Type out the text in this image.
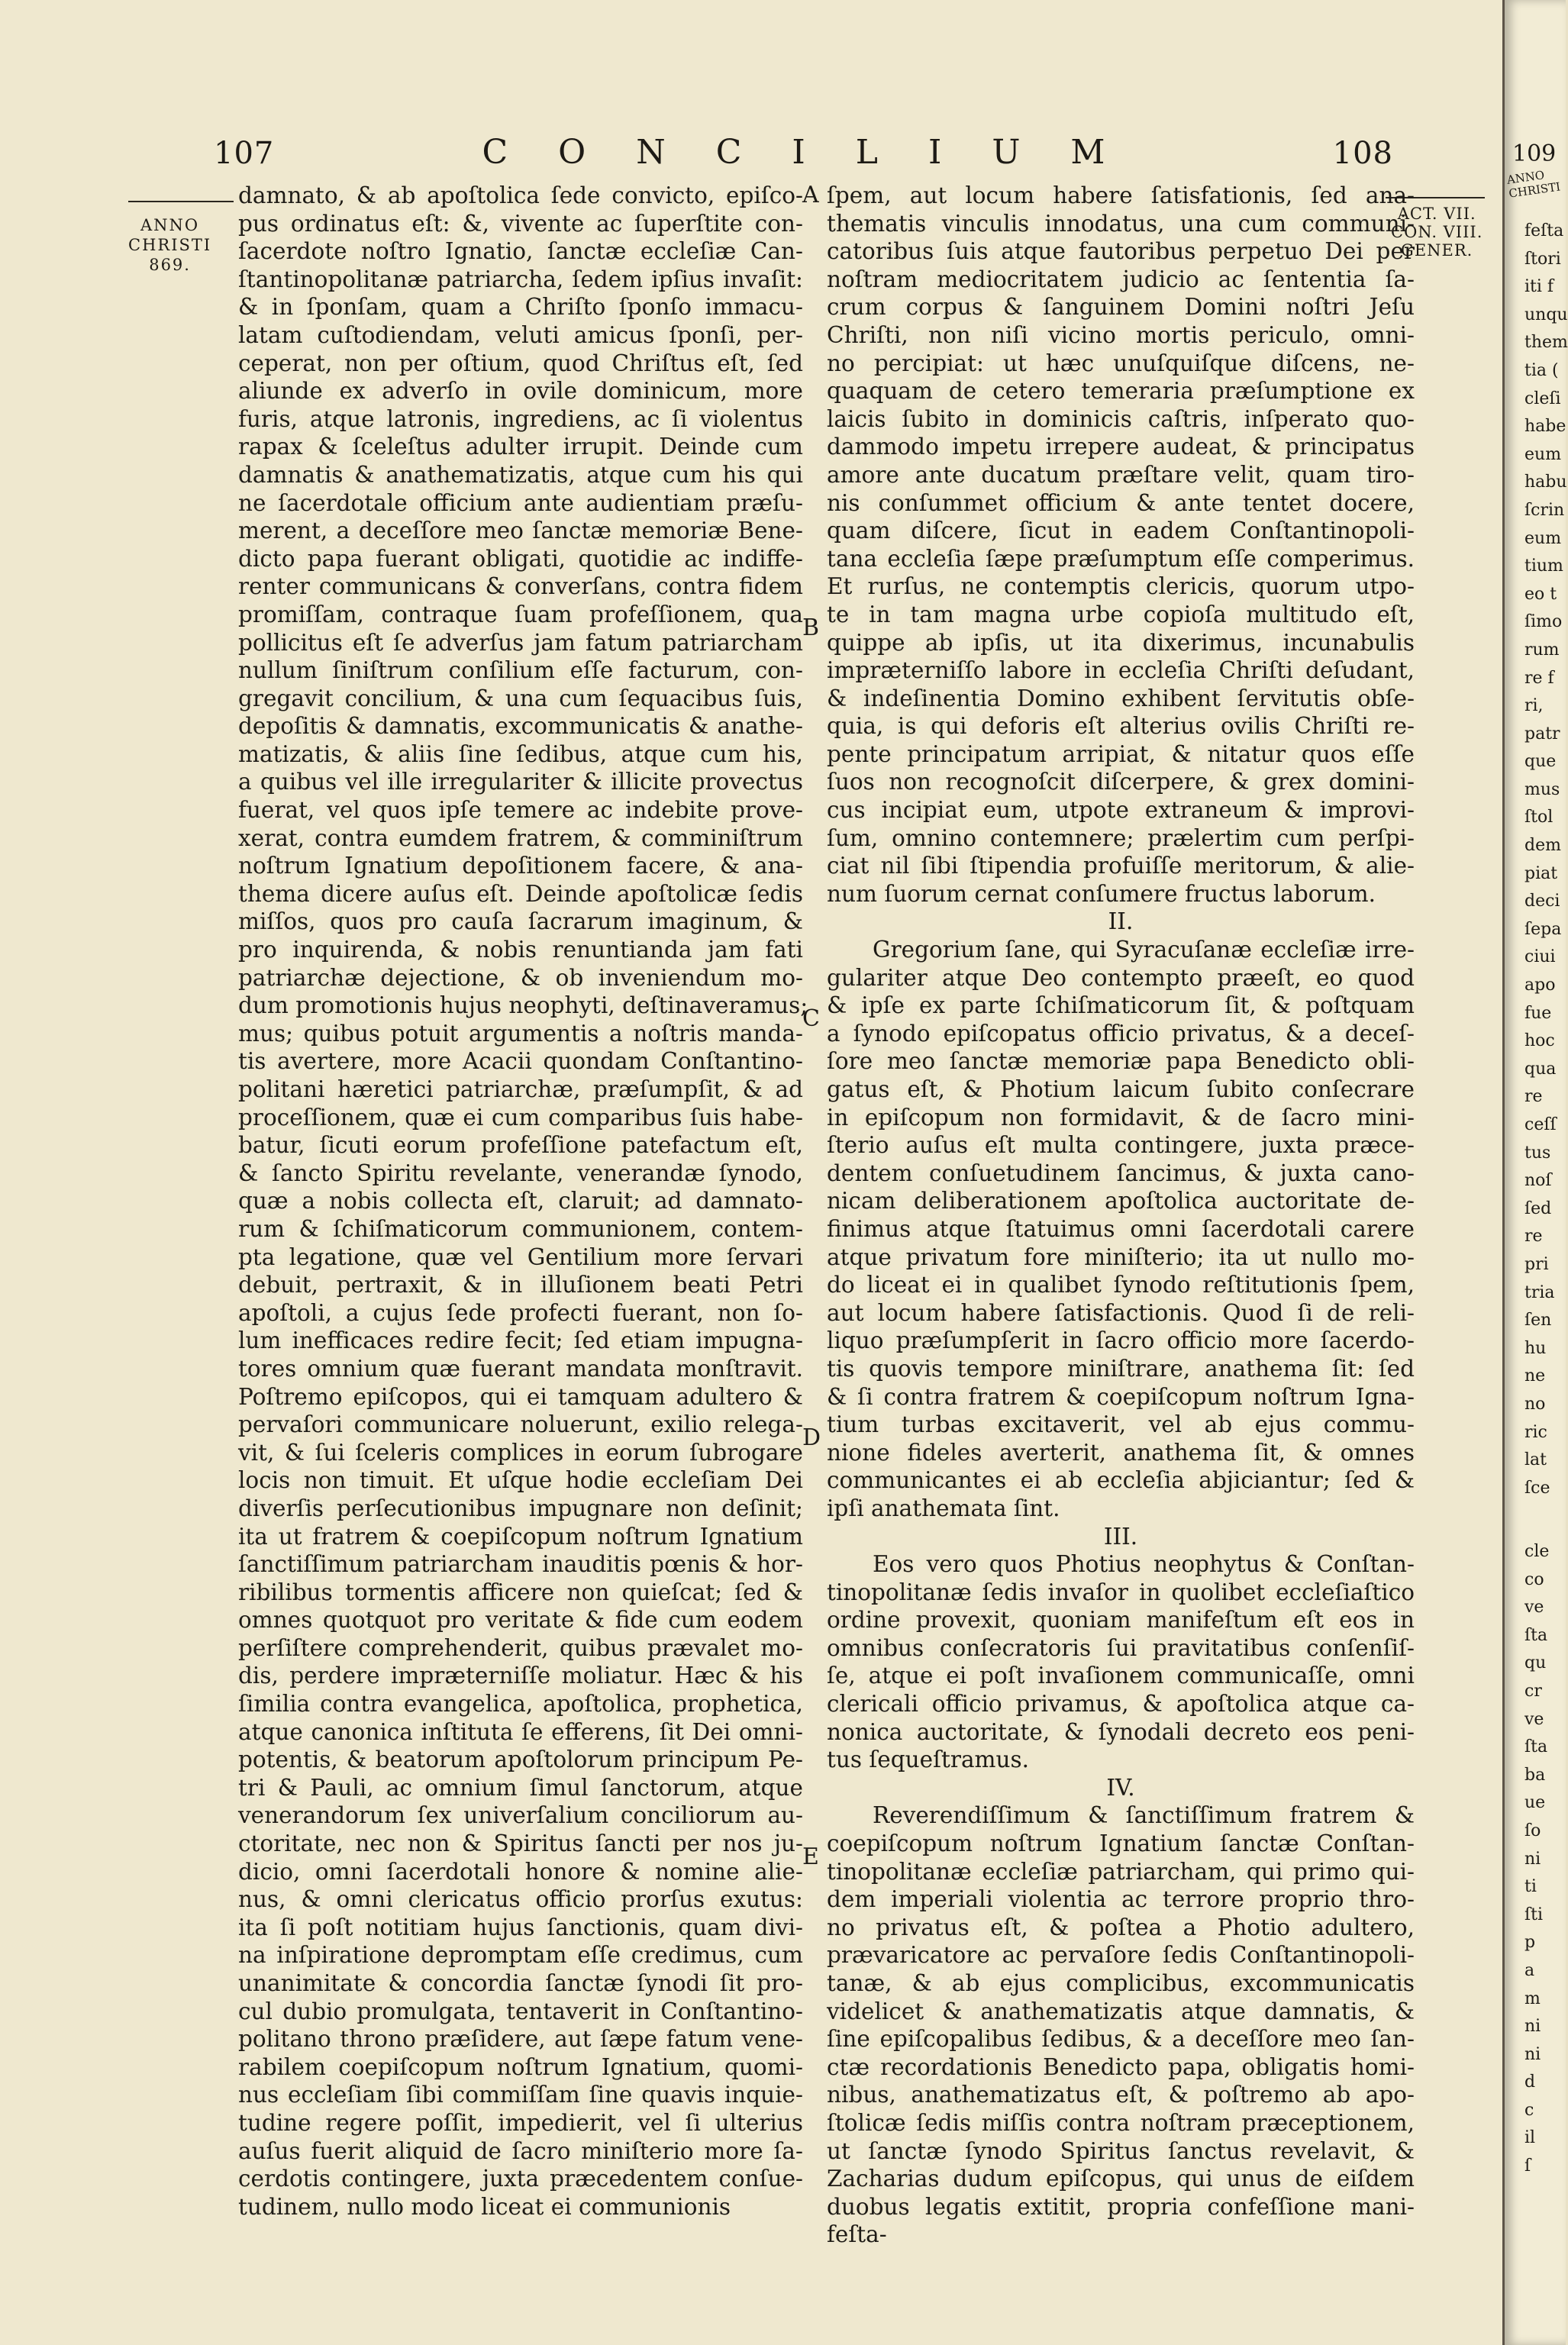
107	C O N C I L I U M	108
ANNO
CHRISTI
869.
ACT. VII.
CON. VIII.
GENER.
A
B
C
D
E
damnato, & ab apoſtolica ſede convicto, epiſco-
pus ordinatus eſt: &, vivente ac ſuperſtite con-
ſacerdote noſtro Ignatio, ſanctæ eccleſiæ Can-
ſtantinopolitanæ patriarcha, ſedem ipſius invaſit:
& in ſponſam, quam a Chriſto ſponſo immacu-
latam cuſtodiendam, veluti amicus ſponſi, per-
ceperat, non per oſtium, quod Chriſtus eſt, ſed
aliunde ex adverſo in ovile dominicum, more
furis, atque latronis, ingrediens, ac ſi violentus
rapax & ſceleſtus adulter irrupit. Deinde cum
damnatis & anathematizatis, atque cum his qui
ne ſacerdotale officium ante audientiam præſu-
merent, a deceſſore meo ſanctæ memoriæ Bene-
dicto papa fuerant obligati, quotidie ac indiffe-
renter communicans & converſans, contra fidem
promiſſam, contraque ſuam profeſſionem, qua
pollicitus eſt ſe adverſus jam fatum patriarcham
nullum ſiniſtrum conſilium eſſe facturum, con-
gregavit concilium, & una cum ſequacibus ſuis,
depoſitis & damnatis, excommunicatis & anathe-
matizatis, & aliis ſine ſedibus, atque cum his,
a quibus vel ille irregulariter & illicite provectus
fuerat, vel quos ipſe temere ac indebite prove-
xerat, contra eumdem fratrem, & comminiſtrum
noſtrum Ignatium depoſitionem facere, & ana-
thema dicere auſus eſt. Deinde apoſtolicæ ſedis
miſſos, quos pro cauſa ſacrarum imaginum, &
pro inquirenda, & nobis renuntianda jam fati
patriarchæ dejectione, & ob inveniendum mo-
dum promotionis hujus neophyti, deſtinaveramus;
mus; quibus potuit argumentis a noſtris manda-
tis avertere, more Acacii quondam Conſtantino-
politani hæretici patriarchæ, præſumpſit, & ad
proceſſionem, quæ ei cum comparibus ſuis habe-
batur, ſicuti eorum profeſſione patefactum eſt,
& ſancto Spiritu revelante, venerandæ ſynodo,
quæ a nobis collecta eſt, claruit; ad damnato-
rum & ſchiſmaticorum communionem, contem-
pta legatione, quæ vel Gentilium more ſervari
debuit, pertraxit, & in illuſionem beati Petri
apoſtoli, a cujus ſede profecti fuerant, non ſo-
lum inefficaces redire fecit; ſed etiam impugna-
tores omnium quæ fuerant mandata monſtravit.
Poſtremo epiſcopos, qui ei tamquam adultero &
pervaſori communicare noluerunt, exilio relega-
vit, & ſui ſceleris complices in eorum ſubrogare
locis non timuit. Et uſque hodie eccleſiam Dei
diverſis perſecutionibus impugnare non deſinit;
ita ut fratrem & coepiſcopum noſtrum Ignatium
ſanctiſſimum patriarcham inauditis pœnis & hor-
ribilibus tormentis afficere non quieſcat; ſed &
omnes quotquot pro veritate & fide cum eodem
perſiſtere comprehenderit, quibus prævalet mo-
dis, perdere impræterniſſe moliatur. Hæc & his
ſimilia contra evangelica, apoſtolica, prophetica,
atque canonica inſtituta ſe efferens, ſit Dei omni-
potentis, & beatorum apoſtolorum principum Pe-
tri & Pauli, ac omnium ſimul ſanctorum, atque
venerandorum ſex univerſalium conciliorum au-
ctoritate, nec non & Spiritus ſancti per nos ju-
dicio, omni ſacerdotali honore & nomine alie-
nus, & omni clericatus officio prorſus exutus:
ita ſi poſt notitiam hujus ſanctionis, quam divi-
na inſpiratione depromptam eſſe credimus, cum
unanimitate & concordia ſanctæ ſynodi ſit pro-
cul dubio promulgata, tentaverit in Conſtantino-
politano throno præſidere, aut ſæpe fatum vene-
rabilem coepiſcopum noſtrum Ignatium, quomi-
nus eccleſiam ſibi commiſſam ſine quavis inquie-
tudine regere poſſit, impedierit, vel ſi ulterius
auſus fuerit aliquid de ſacro miniſterio more ſa-
cerdotis contingere, juxta præcedentem conſue-
tudinem, nullo modo liceat ei communionis
ſpem, aut locum habere ſatisfationis, ſed ana-
thematis vinculis innodatus, una cum communi-
catoribus ſuis atque fautoribus perpetuo Dei per
noſtram mediocritatem judicio ac ſententia ſa-
crum corpus & ſanguinem Domini noſtri Jeſu
Chriſti, non niſi vicino mortis periculo, omni-
no percipiat: ut hæc unuſquiſque diſcens, ne-
quaquam de cetero temeraria præſumptione ex
laicis ſubito in dominicis caſtris, inſperato quo-
dammodo impetu irrepere audeat, & principatus
amore ante ducatum præſtare velit, quam tiro-
nis conſummet officium & ante tentet docere,
quam diſcere, ſicut in eadem Conſtantinopoli-
tana eccleſia ſæpe præſumptum eſſe comperimus.
Et rurſus, ne contemptis clericis, quorum utpo-
te in tam magna urbe copioſa multitudo eſt,
quippe ab ipſis, ut ita dixerimus, incunabulis
impræterniſſo labore in eccleſia Chriſti deſudant,
& indeſinentia Domino exhibent ſervitutis obſe-
quia, is qui deforis eſt alterius ovilis Chriſti re-
pente principatum arripiat, & nitatur quos eſſe
ſuos non recognoſcit diſcerpere, & grex domini-
cus incipiat eum, utpote extraneum & improvi-
ſum, omnino contemnere; prælertim cum perſpi-
ciat nil ſibi ſtipendia profuiſſe meritorum, & alie-
num ſuorum cernat conſumere fructus laborum.
II.
Gregorium ſane, qui Syracuſanæ eccleſiæ irre-
gulariter atque Deo contempto præeſt, eo quod
& ipſe ex parte ſchiſmaticorum ſit, & poſtquam
a ſynodo epiſcopatus officio privatus, & a deceſ-
ſore meo ſanctæ memoriæ papa Benedicto obli-
gatus eſt, & Photium laicum ſubito conſecrare
in epiſcopum non formidavit, & de ſacro mini-
ſterio auſus eſt multa contingere, juxta præce-
dentem conſuetudinem ſancimus, & juxta cano-
nicam deliberationem apoſtolica auctoritate de-
finimus atque ſtatuimus omni ſacerdotali carere
atque privatum fore miniſterio; ita ut nullo mo-
do liceat ei in qualibet ſynodo reſtitutionis ſpem,
aut locum habere ſatisfactionis. Quod ſi de reli-
liquo præſumpſerit in ſacro officio more ſacerdo-
tis quovis tempore miniſtrare, anathema ſit: ſed
& ſi contra fratrem & coepiſcopum noſtrum Igna-
tium turbas excitaverit, vel ab ejus commu-
nione fideles averterit, anathema ſit, & omnes
communicantes ei ab eccleſia abjiciantur; ſed &
ipſi anathemata ſint.
III.
Eos vero quos Photius neophytus & Conſtan-
tinopolitanæ ſedis invaſor in quolibet eccleſiaſtico
ordine provexit, quoniam manifeſtum eſt eos in
omnibus conſecratoris ſui pravitatibus conſenſiſ-
ſe, atque ei poſt invaſionem communicaſſe, omni
clericali officio privamus, & apoſtolica atque ca-
nonica auctoritate, & ſynodali decreto eos peni-
tus ſequeſtramus.
IV.
Reverendiſſimum & ſanctiſſimum fratrem &
coepiſcopum noſtrum Ignatium ſanctæ Conſtan-
tinopolitanæ eccleſiæ patriarcham, qui primo qui-
dem imperiali violentia ac terrore proprio thro-
no privatus eſt, & poſtea a Photio adultero,
prævaricatore ac pervaſore ſedis Conſtantinopoli-
tanæ, & ab ejus complicibus, excommunicatis
videlicet & anathematizatis atque damnatis, &
ſine epiſcopalibus ſedibus, & a deceſſore meo ſan-
ctæ recordationis Benedicto papa, obligatis homi-
nibus, anathematizatus eſt, & poſtremo ab apo-
ſtolicæ ſedis miſſis contra noſtram præceptionem,
ut ſanctæ ſynodo Spiritus ſanctus revelavit, &
Zacharias dudum epiſcopus, qui unus de eiſdem
duobus legatis extitit, propria confeſſione mani-
feſta-
109
ANNO CHRISTI
feſta
ſtori
iti f
unqu
them
tia (
cleſi
habe
eum
habu
ſcrin
eum
tium
eo t
ſimo
rum
re f
ri,
patr
que
mus
ſtol
dem
piat
deci
ſepa
ciui
apo
fue
hoc
qua
re
ceſſ
tus
noſ
ſed
re
pri
tria
ſen
hu
ne
no
ric
lat
ſce
cle
co
ve
ſta
qu
cr
ve
ſta
ba
ue
ſo
ni
ti
ſti
p
a
m
ni
ni
d
c
il
ſ
